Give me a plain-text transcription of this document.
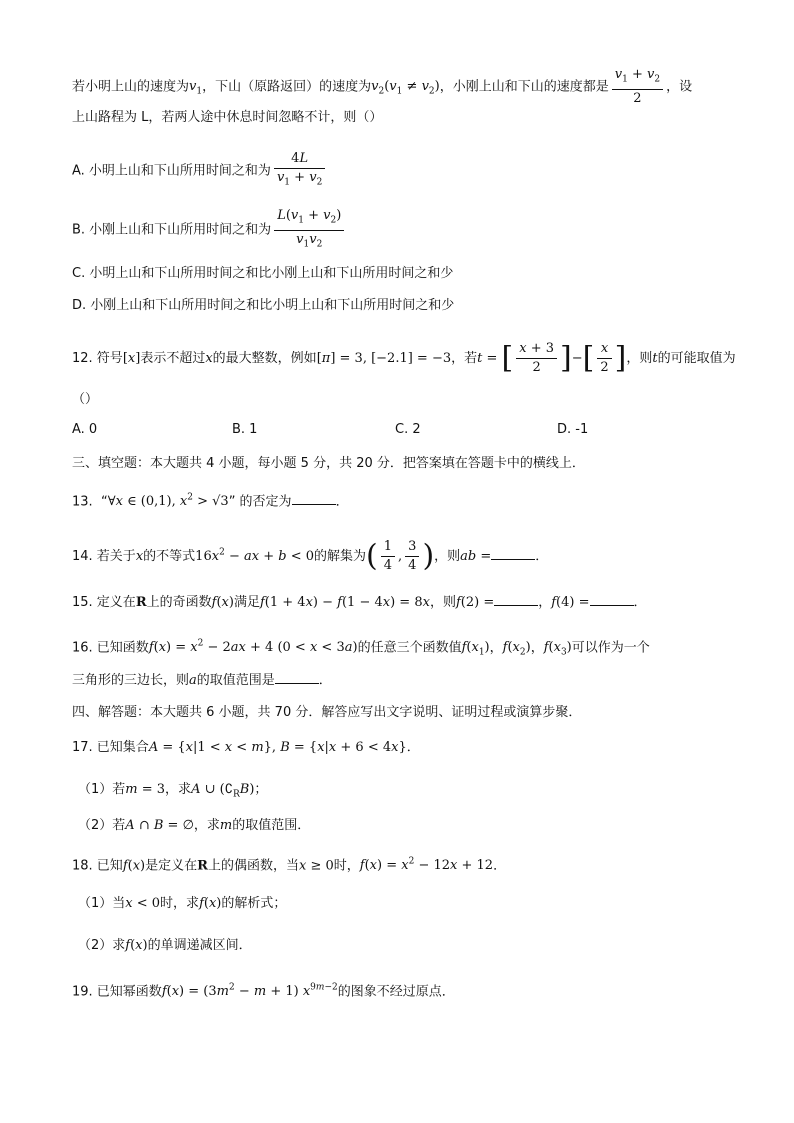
若小明上山的速度为$v_1$，下山（原路返回）的速度为$v_2(v_1 \ne v_2)$，小刚上山和下山的速度都是 $\frac{v_1 + v_2}{2}$ ，设
上山路程为 L，若两人途中休息时间忽略不计，则（）
A. 小明上山和下山所用时间之和为 $\frac{4L}{v_1 + v_2}$
B. 小刚上山和下山所用时间之和为 $\frac{L(v_1 + v_2)}{v_1v_2}$
C. 小明上山和下山所用时间之和比小刚上山和下山所用时间之和少
D. 小刚上山和下山所用时间之和比小明上山和下山所用时间之和少
12. 符号[x]表示不超过x的最大整数，例如[π] = 3, [−2.1] = −3，若t = [ $\frac{x + 3}{2}$ ]−[ $\frac{x}{2}$ ]，则t的可能取值为
（）
A. 0	B. 1	C. 2	D. -1
三、填空题：本大题共 4 小题，每小题 5 分，共 20 分．把答案填在答题卡中的横线上．
13. “∀x ∈ (0,1), $x^2 > √3$” 的否定为	．
14. 若关于x的不等式$16x^2$ − ax + b < 0的解集为( $\frac{1}{4}$ , $\frac{3}{4}$ )，则ab =	．
15. 定义在R上的奇函数f(x)满足f(1 + 4x) − f(1 − 4x) = 8x，则f(2) =	，f(4) =	．
16. 已知函数$f(x) = x^2 - 2ax + 4$ (0 < x < 3a)的任意三个函数值$f(x_1)$，$f(x_2)$，$f(x_3)$可以作为一个
三角形的三边长，则a的取值范围是	．
四、解答题：本大题共 6 小题，共 70 分．解答应写出文字说明、证明过程或演算步聚．
17. 已知集合A = {x|1 < x < m}, B = {x|x + 6 < 4x}．
（1）若m = 3，求A ∪ $(∁_RB)$；
（2）若A ∩ B = ∅，求m的取值范围．
18. 已知f(x)是定义在R上的偶函数，当x ≥ 0时，$f(x) = x^2 - 12x + 12$．
（1）当x < 0时，求f(x)的解析式；
（2）求f(x)的单调递减区间．
19. 已知幂函数$f(x) = (3m^2 - m + 1)$ $x^{9m-2}$的图象不经过原点．
